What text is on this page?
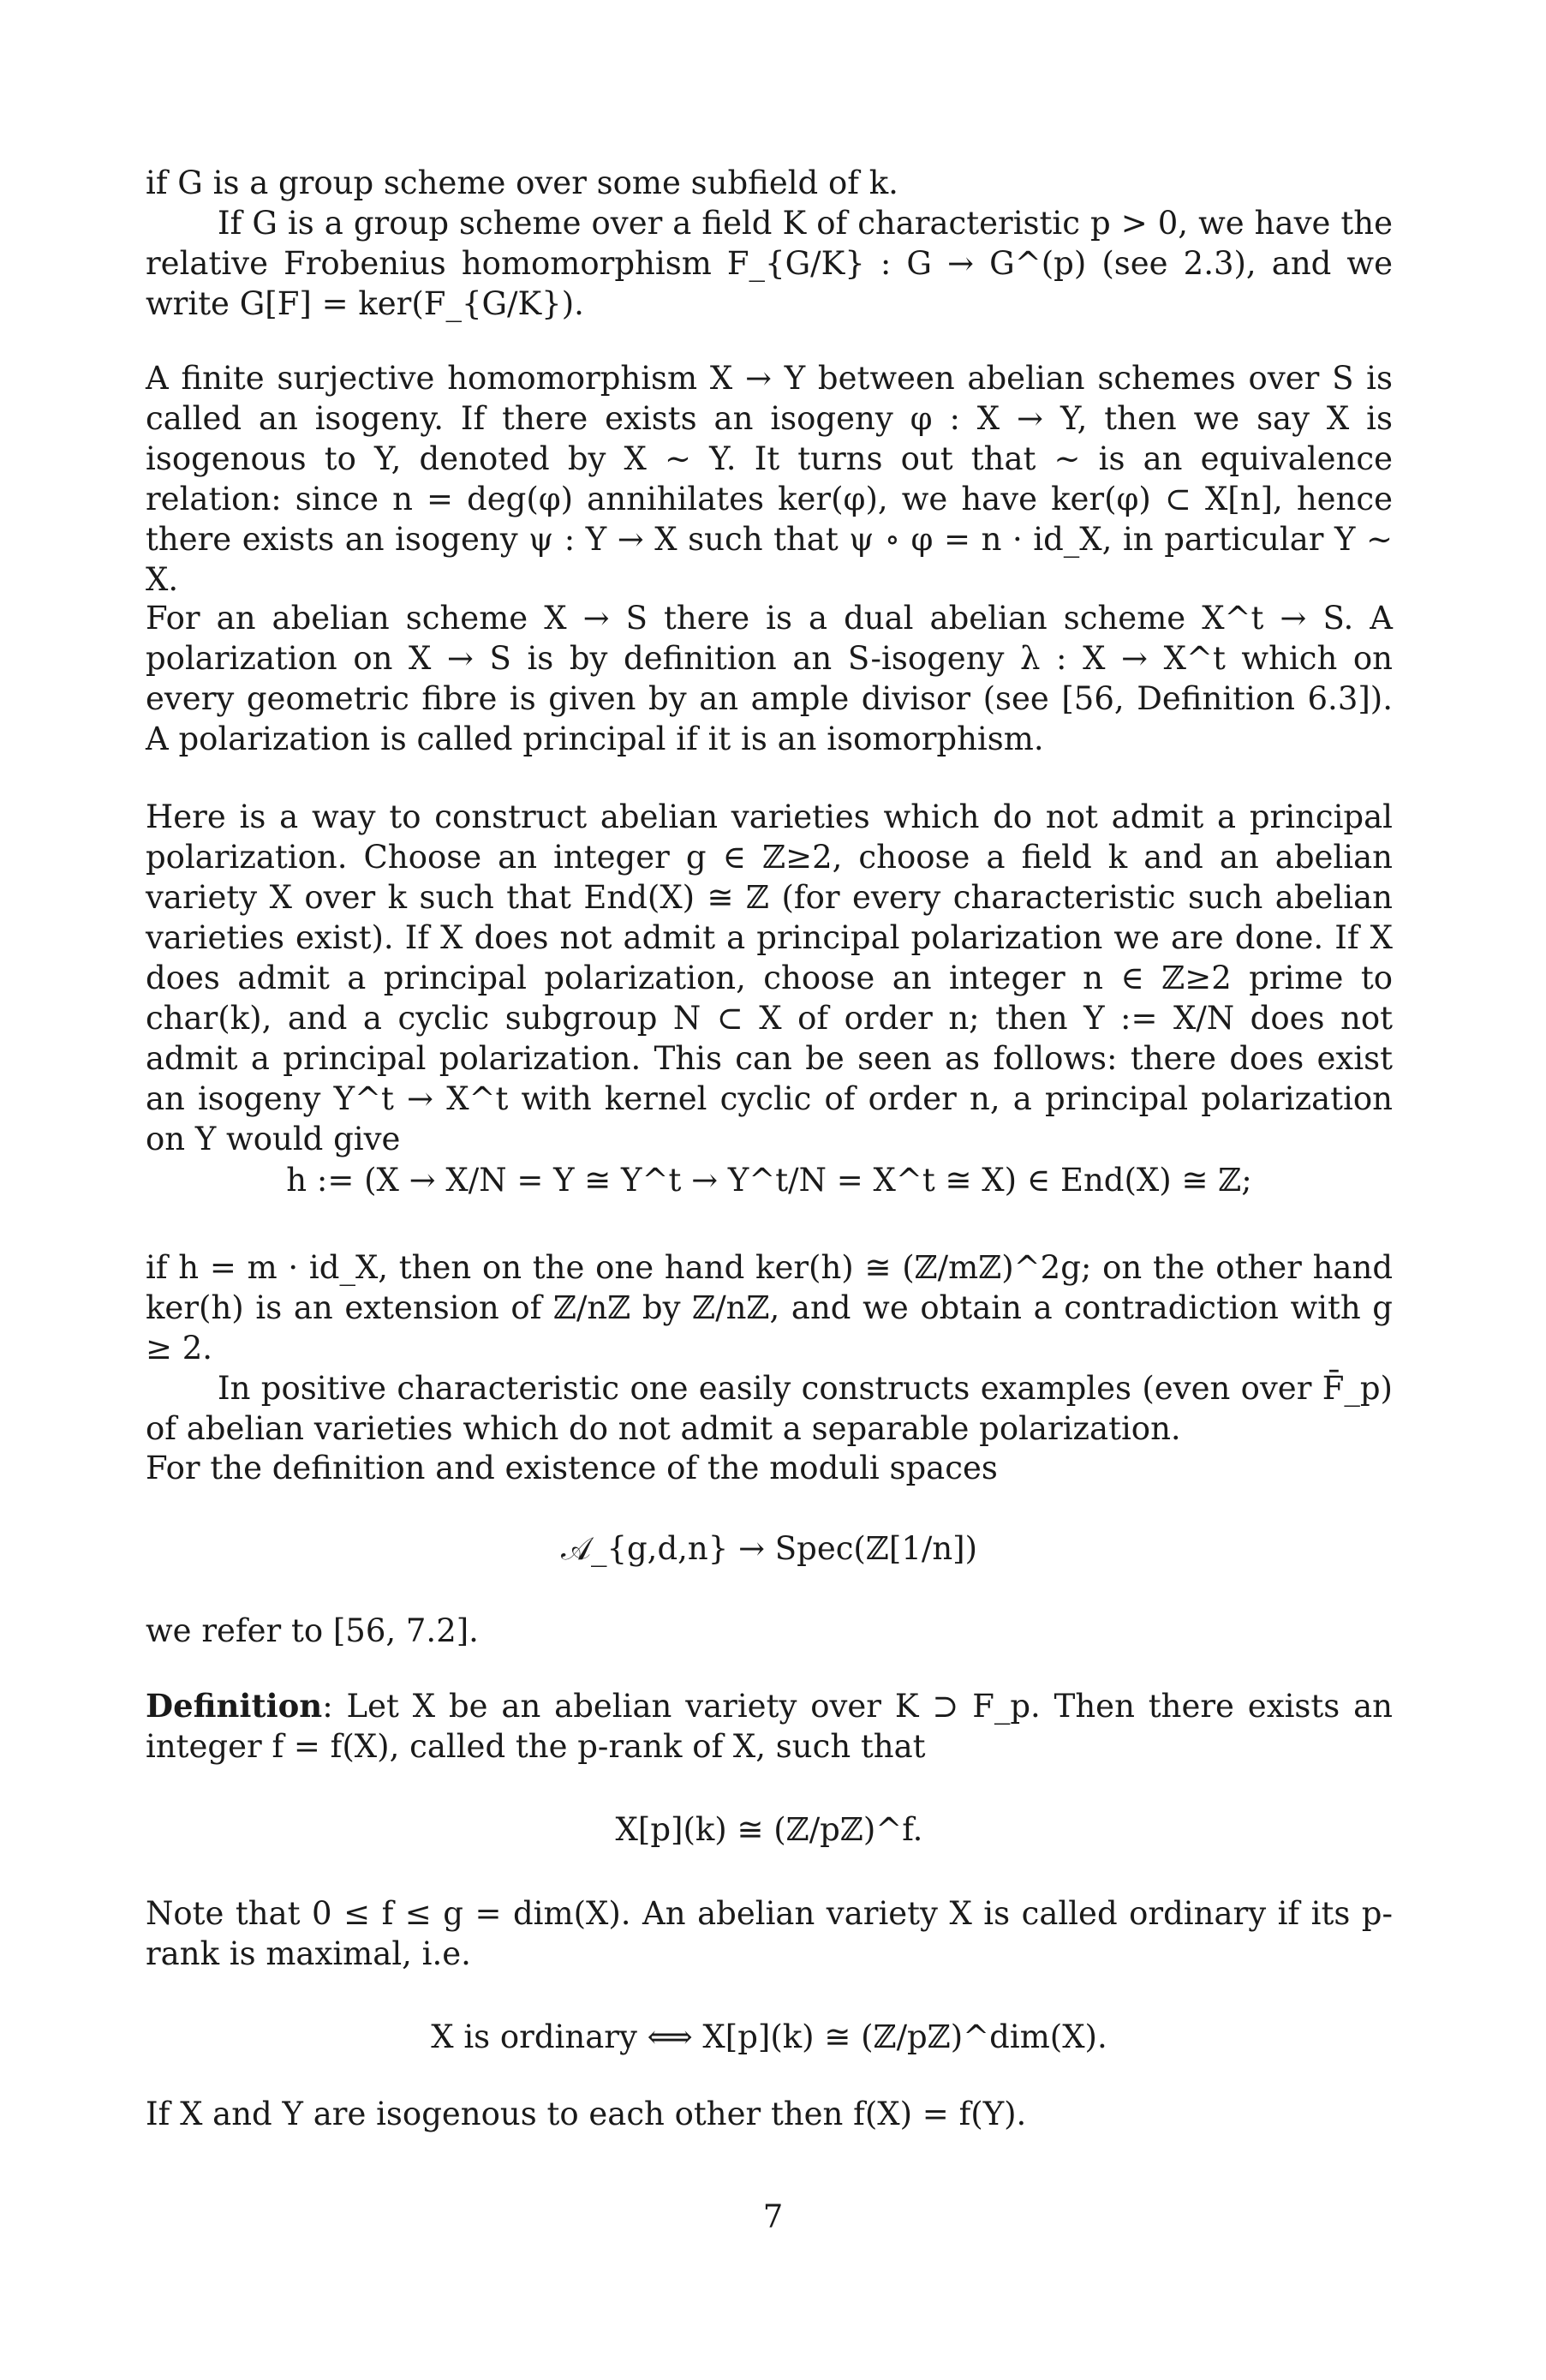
if G is a group scheme over some subfield of k.

If G is a group scheme over a field K of characteristic p > 0, we have the relative Frobenius homomorphism F_{G/K} : G → G^(p) (see 2.3), and we write G[F] = ker(F_{G/K}).

A finite surjective homomorphism X → Y between abelian schemes over S is called an isogeny. If there exists an isogeny φ : X → Y, then we say X is isogenous to Y, denoted by X ∼ Y. It turns out that ∼ is an equivalence relation: since n = deg(φ) annihilates ker(φ), we have ker(φ) ⊂ X[n], hence there exists an isogeny ψ : Y → X such that ψ ∘ φ = n · id_X, in particular Y ∼ X.
For an abelian scheme X → S there is a dual abelian scheme X^t → S. A polarization on X → S is by definition an S-isogeny λ : X → X^t which on every geometric fibre is given by an ample divisor (see [56, Definition 6.3]). A polarization is called principal if it is an isomorphism.
Here is a way to construct abelian varieties which do not admit a principal polarization. Choose an integer g ∈ ℤ≥2, choose a field k and an abelian variety X over k such that End(X) ≅ ℤ (for every characteristic such abelian varieties exist). If X does not admit a principal polarization we are done. If X does admit a principal polarization, choose an integer n ∈ ℤ≥2 prime to char(k), and a cyclic subgroup N ⊂ X of order n; then Y := X/N does not admit a principal polarization. This can be seen as follows: there does exist an isogeny Y^t → X^t with kernel cyclic of order n, a principal polarization on Y would give
h := (X → X/N = Y ≅ Y^t → Y^t/N = X^t ≅ X) ∈ End(X) ≅ ℤ;

if h = m · id_X, then on the one hand ker(h) ≅ (ℤ/mℤ)^2g; on the other hand ker(h) is an extension of ℤ/nℤ by ℤ/nℤ, and we obtain a contradiction with g ≥ 2.

In positive characteristic one easily constructs examples (even over F̄_p) of abelian varieties which do not admit a separable polarization.

For the definition and existence of the moduli spaces
𝒜_{g,d,n} → Spec(ℤ[1/n])
we refer to [56, 7.2].
Definition: Let X be an abelian variety over K ⊃ F_p. Then there exists an integer f = f(X), called the p-rank of X, such that
X[p](k) ≅ (ℤ/pℤ)^f.
Note that 0 ≤ f ≤ g = dim(X). An abelian variety X is called ordinary if its p-rank is maximal, i.e.
X is ordinary ⟺ X[p](k) ≅ (ℤ/pℤ)^dim(X).
If X and Y are isogenous to each other then f(X) = f(Y).
7
